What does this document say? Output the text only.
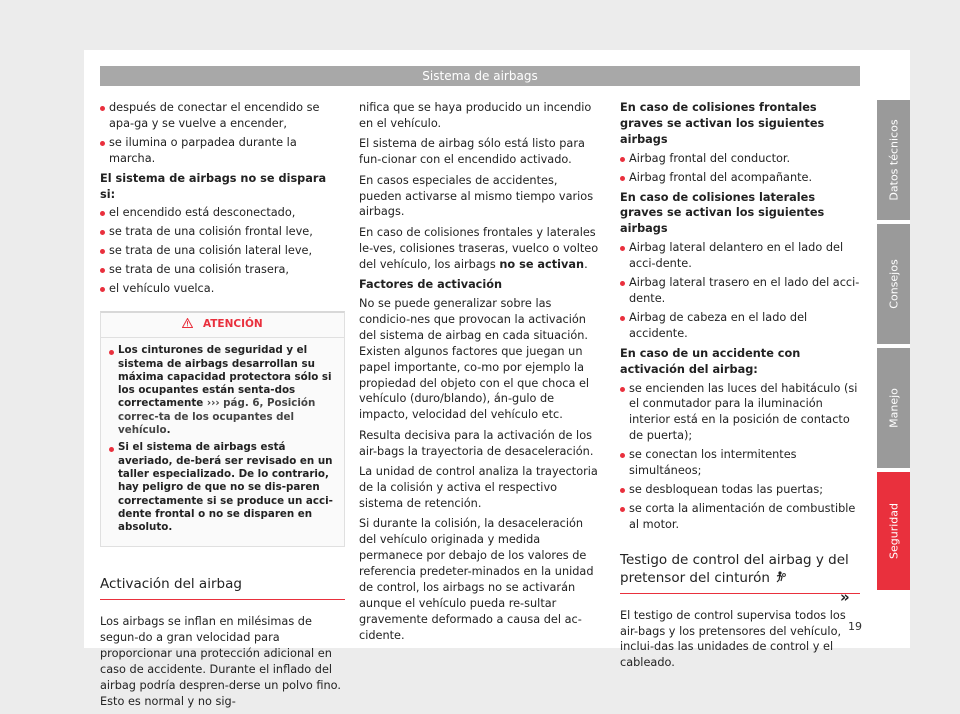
Sistema de airbags
Datos técnicos
Consejos
Manejo
Seguridad
después de conectar el encendido se apa-ga y se vuelve a encender,
se ilumina o parpadea durante la marcha.
El sistema de airbags no se dispara si:
el encendido está desconectado,
se trata de una colisión frontal leve,
se trata de una colisión lateral leve,
se trata de una colisión trasera,
el vehículo vuelca.
ATENCIÓN
Los cinturones de seguridad y el sistema de airbags desarrollan su máxima capacidad protectora sólo si los ocupantes están senta-dos correctamente ››› pág. 6, Posición correc-ta de los ocupantes del vehículo.
Si el sistema de airbags está averiado, de-berá ser revisado en un taller especializado. De lo contrario, hay peligro de que no se dis-paren correctamente si se produce un acci-dente frontal o no se disparen en absoluto.
Activación del airbag

Los airbags se inflan en milésimas de segun-do a gran velocidad para proporcionar una protección adicional en caso de accidente. Durante el inflado del airbag podría despren-derse un polvo fino. Esto es normal y no sig-

nifica que se haya producido un incendio en el vehículo.

El sistema de airbag sólo está listo para fun-cionar con el encendido activado.

En casos especiales de accidentes, pueden activarse al mismo tiempo varios airbags.

En caso de colisiones frontales y laterales le-ves, colisiones traseras, vuelco o volteo del vehículo, los airbags no se activan.

Factores de activación

No se puede generalizar sobre las condicio-nes que provocan la activación del sistema de airbag en cada situación. Existen algunos factores que juegan un papel importante, co-mo por ejemplo la propiedad del objeto con el que choca el vehículo (duro/blando), án-gulo de impacto, velocidad del vehículo etc.

Resulta decisiva para la activación de los air-bags la trayectoria de desaceleración.

La unidad de control analiza la trayectoria de la colisión y activa el respectivo sistema de retención.

Si durante la colisión, la desaceleración del vehículo originada y medida permanece por debajo de los valores de referencia predeter-minados en la unidad de control, los airbags no se activarán aunque el vehículo pueda re-sultar gravemente deformado a causa del ac-cidente.

En caso de colisiones frontales graves se activan los siguientes airbags
Airbag frontal del conductor.
Airbag frontal del acompañante.
En caso de colisiones laterales graves se activan los siguientes airbags
Airbag lateral delantero en el lado del acci-dente.
Airbag lateral trasero en el lado del acci-dente.
Airbag de cabeza en el lado del accidente.
En caso de un accidente con activación del airbag:
se encienden las luces del habitáculo (si el conmutador para la iluminación interior está en la posición de contacto de puerta);
se conectan los intermitentes simultáneos;
se desbloquean todas las puertas;
se corta la alimentación de combustible al motor.
Testigo de control del airbag y del pretensor del cinturón

El testigo de control supervisa todos los air-bags y los pretensores del vehículo, inclui-das las unidades de control y el cableado.

»
19
